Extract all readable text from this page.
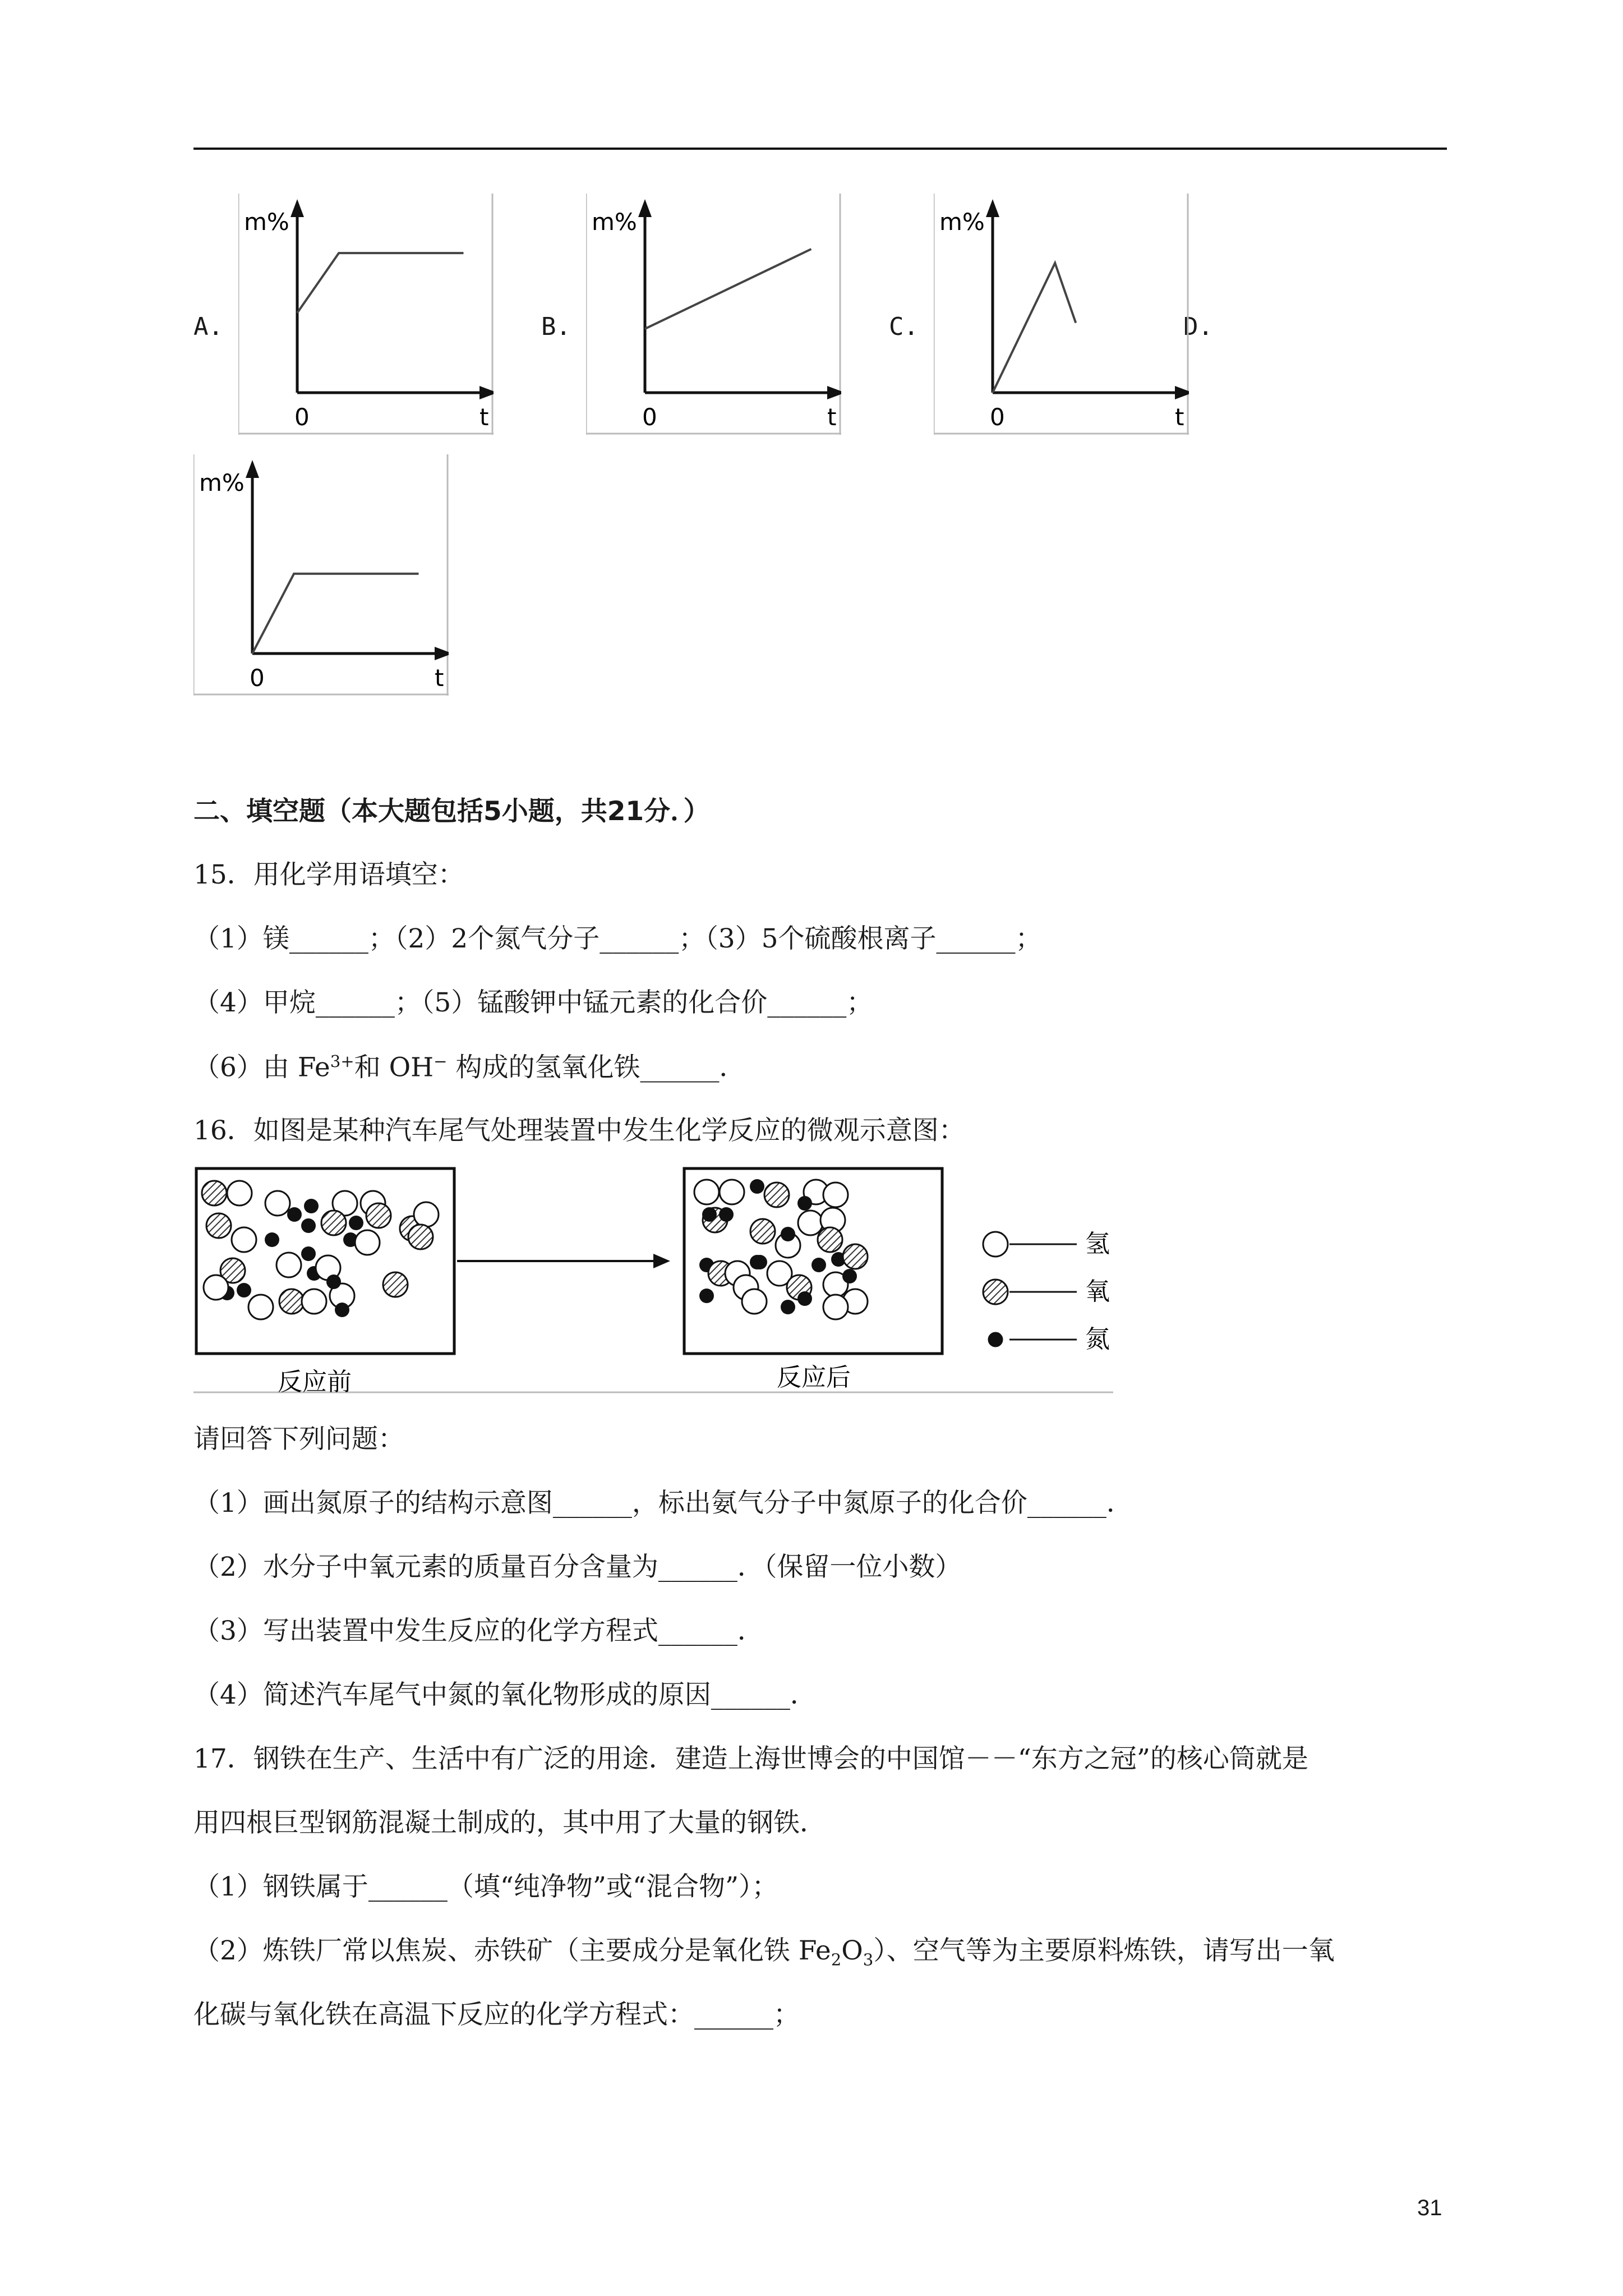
A.	B.	C.	D.
m%
0	t
m%
0	t
m%
0	t
m%
0	t
二、填空题（本大题包括5小题，共21分．）
15．用化学用语填空：
（1）镁______；（2）2个氮气分子______；（3）5个硫酸根离子______；
（4）甲烷______；（5）锰酸钾中锰元素的化合价______；
（6）由 $Fe^{3+}$和 OH− 构成的氢氧化铁______．
16．如图是某种汽车尾气处理装置中发生化学反应的微观示意图：
氢
氧
氮
反应前	反应后
请回答下列问题：
（1）画出氮原子的结构示意图______，标出氨气分子中氮原子的化合价______．
（2）水分子中氧元素的质量百分含量为______．（保留一位小数）
（3）写出装置中发生反应的化学方程式______．
（4）简述汽车尾气中氮的氧化物形成的原因______．
17．钢铁在生产、生活中有广泛的用途．建造上海世博会的中国馆－－“东方之冠”的核心筒就是
用四根巨型钢筋混凝土制成的，其中用了大量的钢铁．
（1）钢铁属于______（填“纯净物”或“混合物”）；
（2）炼铁厂常以焦炭、赤铁矿（主要成分是氧化铁 $Fe_2O_3$）、空气等为主要原料炼铁，请写出一氧
化碳与氧化铁在高温下反应的化学方程式：______；
31
